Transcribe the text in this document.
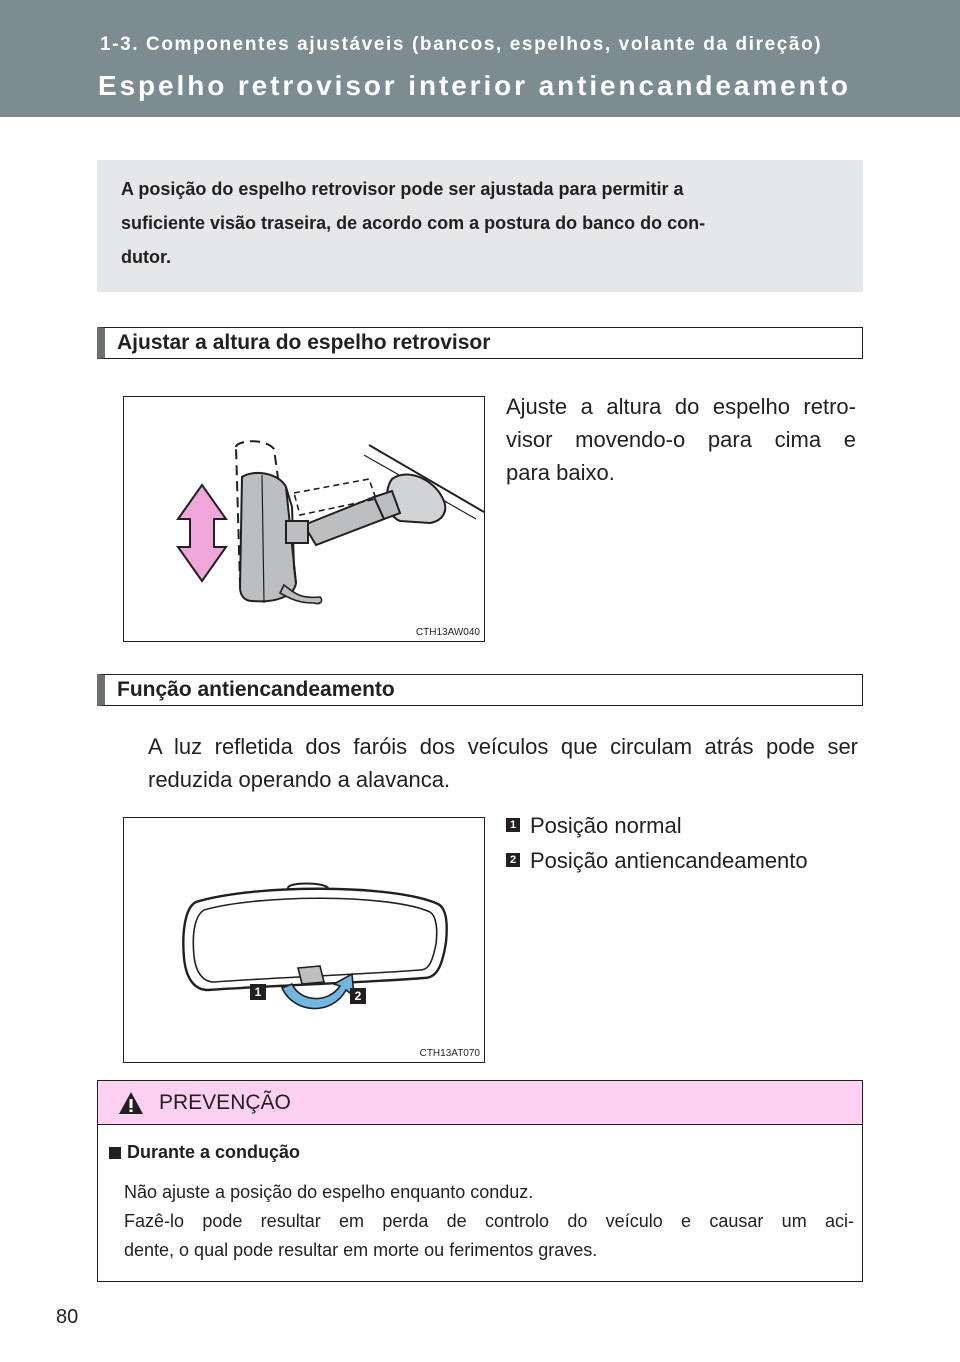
1-3. Componentes ajustáveis (bancos, espelhos, volante da direção)
Espelho retrovisor interior antiencandeamento

A posição do espelho retrovisor pode ser ajustada para permitir a
suficiente visão traseira, de acordo com a postura do banco do con-
dutor.

Ajustar a altura do espelho retrovisor
CTH13AW040
Ajuste a altura do espelho retro-
visor movendo-o para cima e
para baixo.
Função antiencandeamento
A luz refletida dos faróis dos veículos que circulam atrás pode ser
reduzida operando a alavanca.
1	2
CTH13AT070
1 Posição normal
2 Posição antiencandeamento
PREVENÇÃO
Durante a condução
Não ajuste a posição do espelho enquanto conduz.
Fazê-lo pode resultar em perda de controlo do veículo e causar um aci-
dente, o qual pode resultar em morte ou ferimentos graves.
80
